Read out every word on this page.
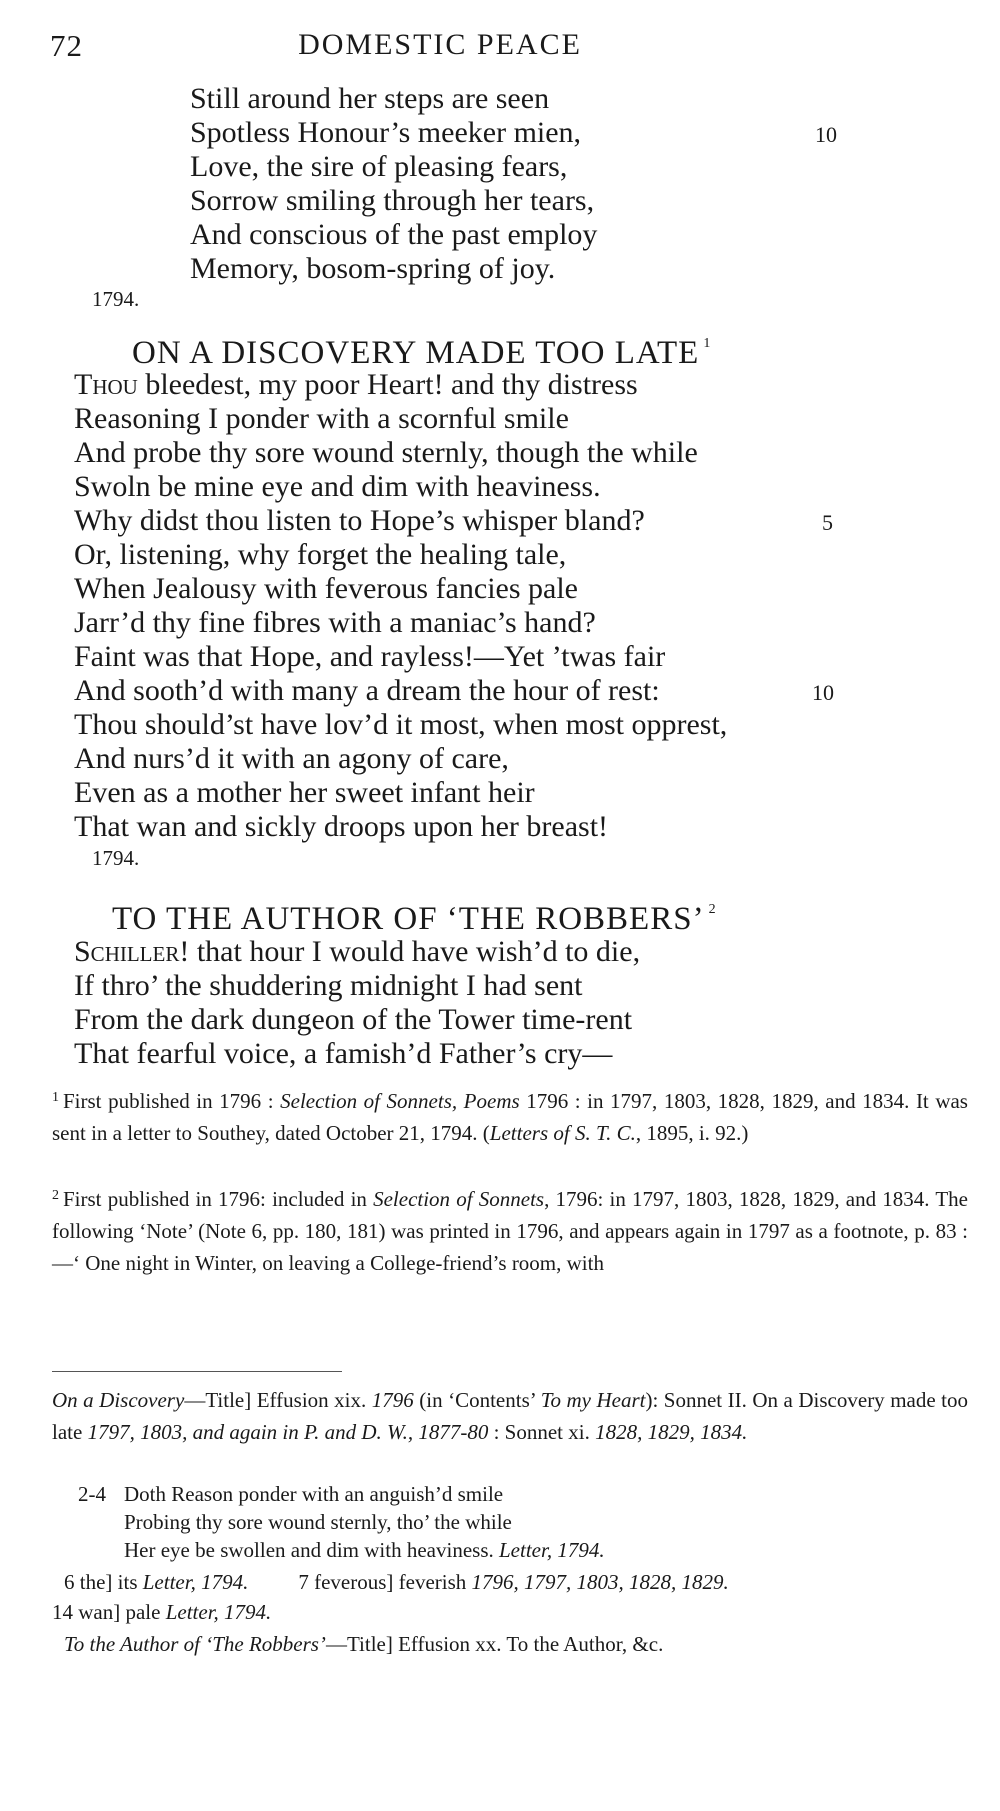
72	DOMESTIC PEACE
Still around her steps are seen
Spotless Honour’s meeker mien,
Love, the sire of pleasing fears,
Sorrow smiling through her tears,
And conscious of the past employ
Memory, bosom-spring of joy.
10
1794.
ON A DISCOVERY MADE TOO LATE $^1$
Thou bleedest, my poor Heart! and thy distress
Reasoning I ponder with a scornful smile
And probe thy sore wound sternly, though the while
Swoln be mine eye and dim with heaviness.
Why didst thou listen to Hope’s whisper bland?
Or, listening, why forget the healing tale,
When Jealousy with feverous fancies pale
Jarr’d thy fine fibres with a maniac’s hand?
Faint was that Hope, and rayless!—Yet ’twas fair
And sooth’d with many a dream the hour of rest:
Thou should’st have lov’d it most, when most opprest,
And nurs’d it with an agony of care,
Even as a mother her sweet infant heir
That wan and sickly droops upon her breast!
5
10
1794.
TO THE AUTHOR OF ‘THE ROBBERS’ $^2$
Schiller! that hour I would have wish’d to die,
If thro’ the shuddering midnight I had sent
From the dark dungeon of the Tower time-rent
That fearful voice, a famish’d Father’s cry—
$^1$ First published in 1796 : Selection of Sonnets, Poems 1796 : in 1797, 1803, 1828, 1829, and 1834. It was sent in a letter to Southey, dated October 21, 1794. (Letters of S. T. C., 1895, i. 92.)
$^2$ First published in 1796: included in Selection of Sonnets, 1796: in 1797, 1803, 1828, 1829, and 1834. The following ‘Note’ (Note 6, pp. 180, 181) was printed in 1796, and appears again in 1797 as a footnote, p. 83 :—‘ One night in Winter, on leaving a College-friend’s room, with
On a Discovery—Title] Effusion xix. 1796 (in ‘Contents’ To my Heart): Sonnet II. On a Discovery made too late 1797, 1803, and again in P. and D. W., 1877-80 : Sonnet xi. 1828, 1829, 1834.
2-4 Doth Reason ponder with an anguish’d smile
Probing thy sore wound sternly, tho’ the while
Her eye be swollen and dim with heaviness. Letter, 1794.
6 the] its Letter, 1794. 7 feverous] feverish 1796, 1797, 1803, 1828, 1829.
14 wan] pale Letter, 1794.
To the Author of ‘The Robbers’—Title] Effusion xx. To the Author, &c.
